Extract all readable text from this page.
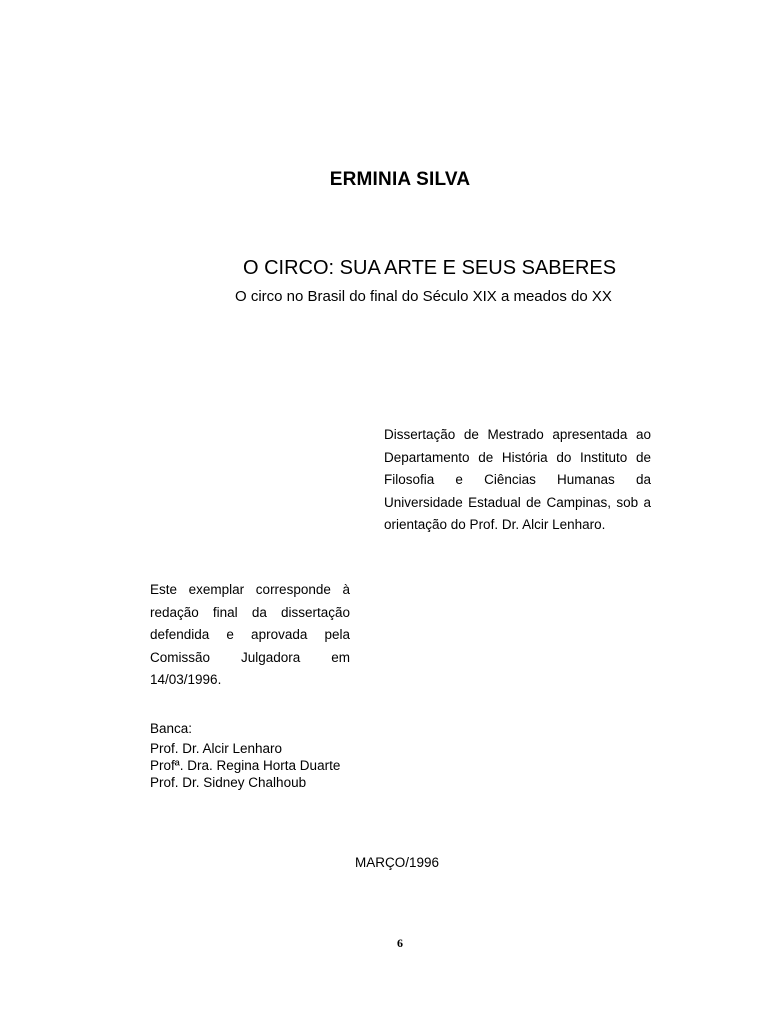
ERMINIA SILVA
O CIRCO: SUA ARTE E SEUS SABERES
O circo no Brasil do final do Século XIX a meados do XX
Dissertação de Mestrado apresentada ao Departamento de História do Instituto de Filosofia e Ciências Humanas da Universidade Estadual de Campinas, sob a orientação do Prof. Dr. Alcir Lenharo.
Este exemplar corresponde à redação final da dissertação defendida e aprovada pela Comissão Julgadora em 14/03/1996.
Banca:
Prof. Dr. Alcir Lenharo
Profª. Dra. Regina Horta Duarte
Prof. Dr. Sidney Chalhoub
MARÇO/1996
6
